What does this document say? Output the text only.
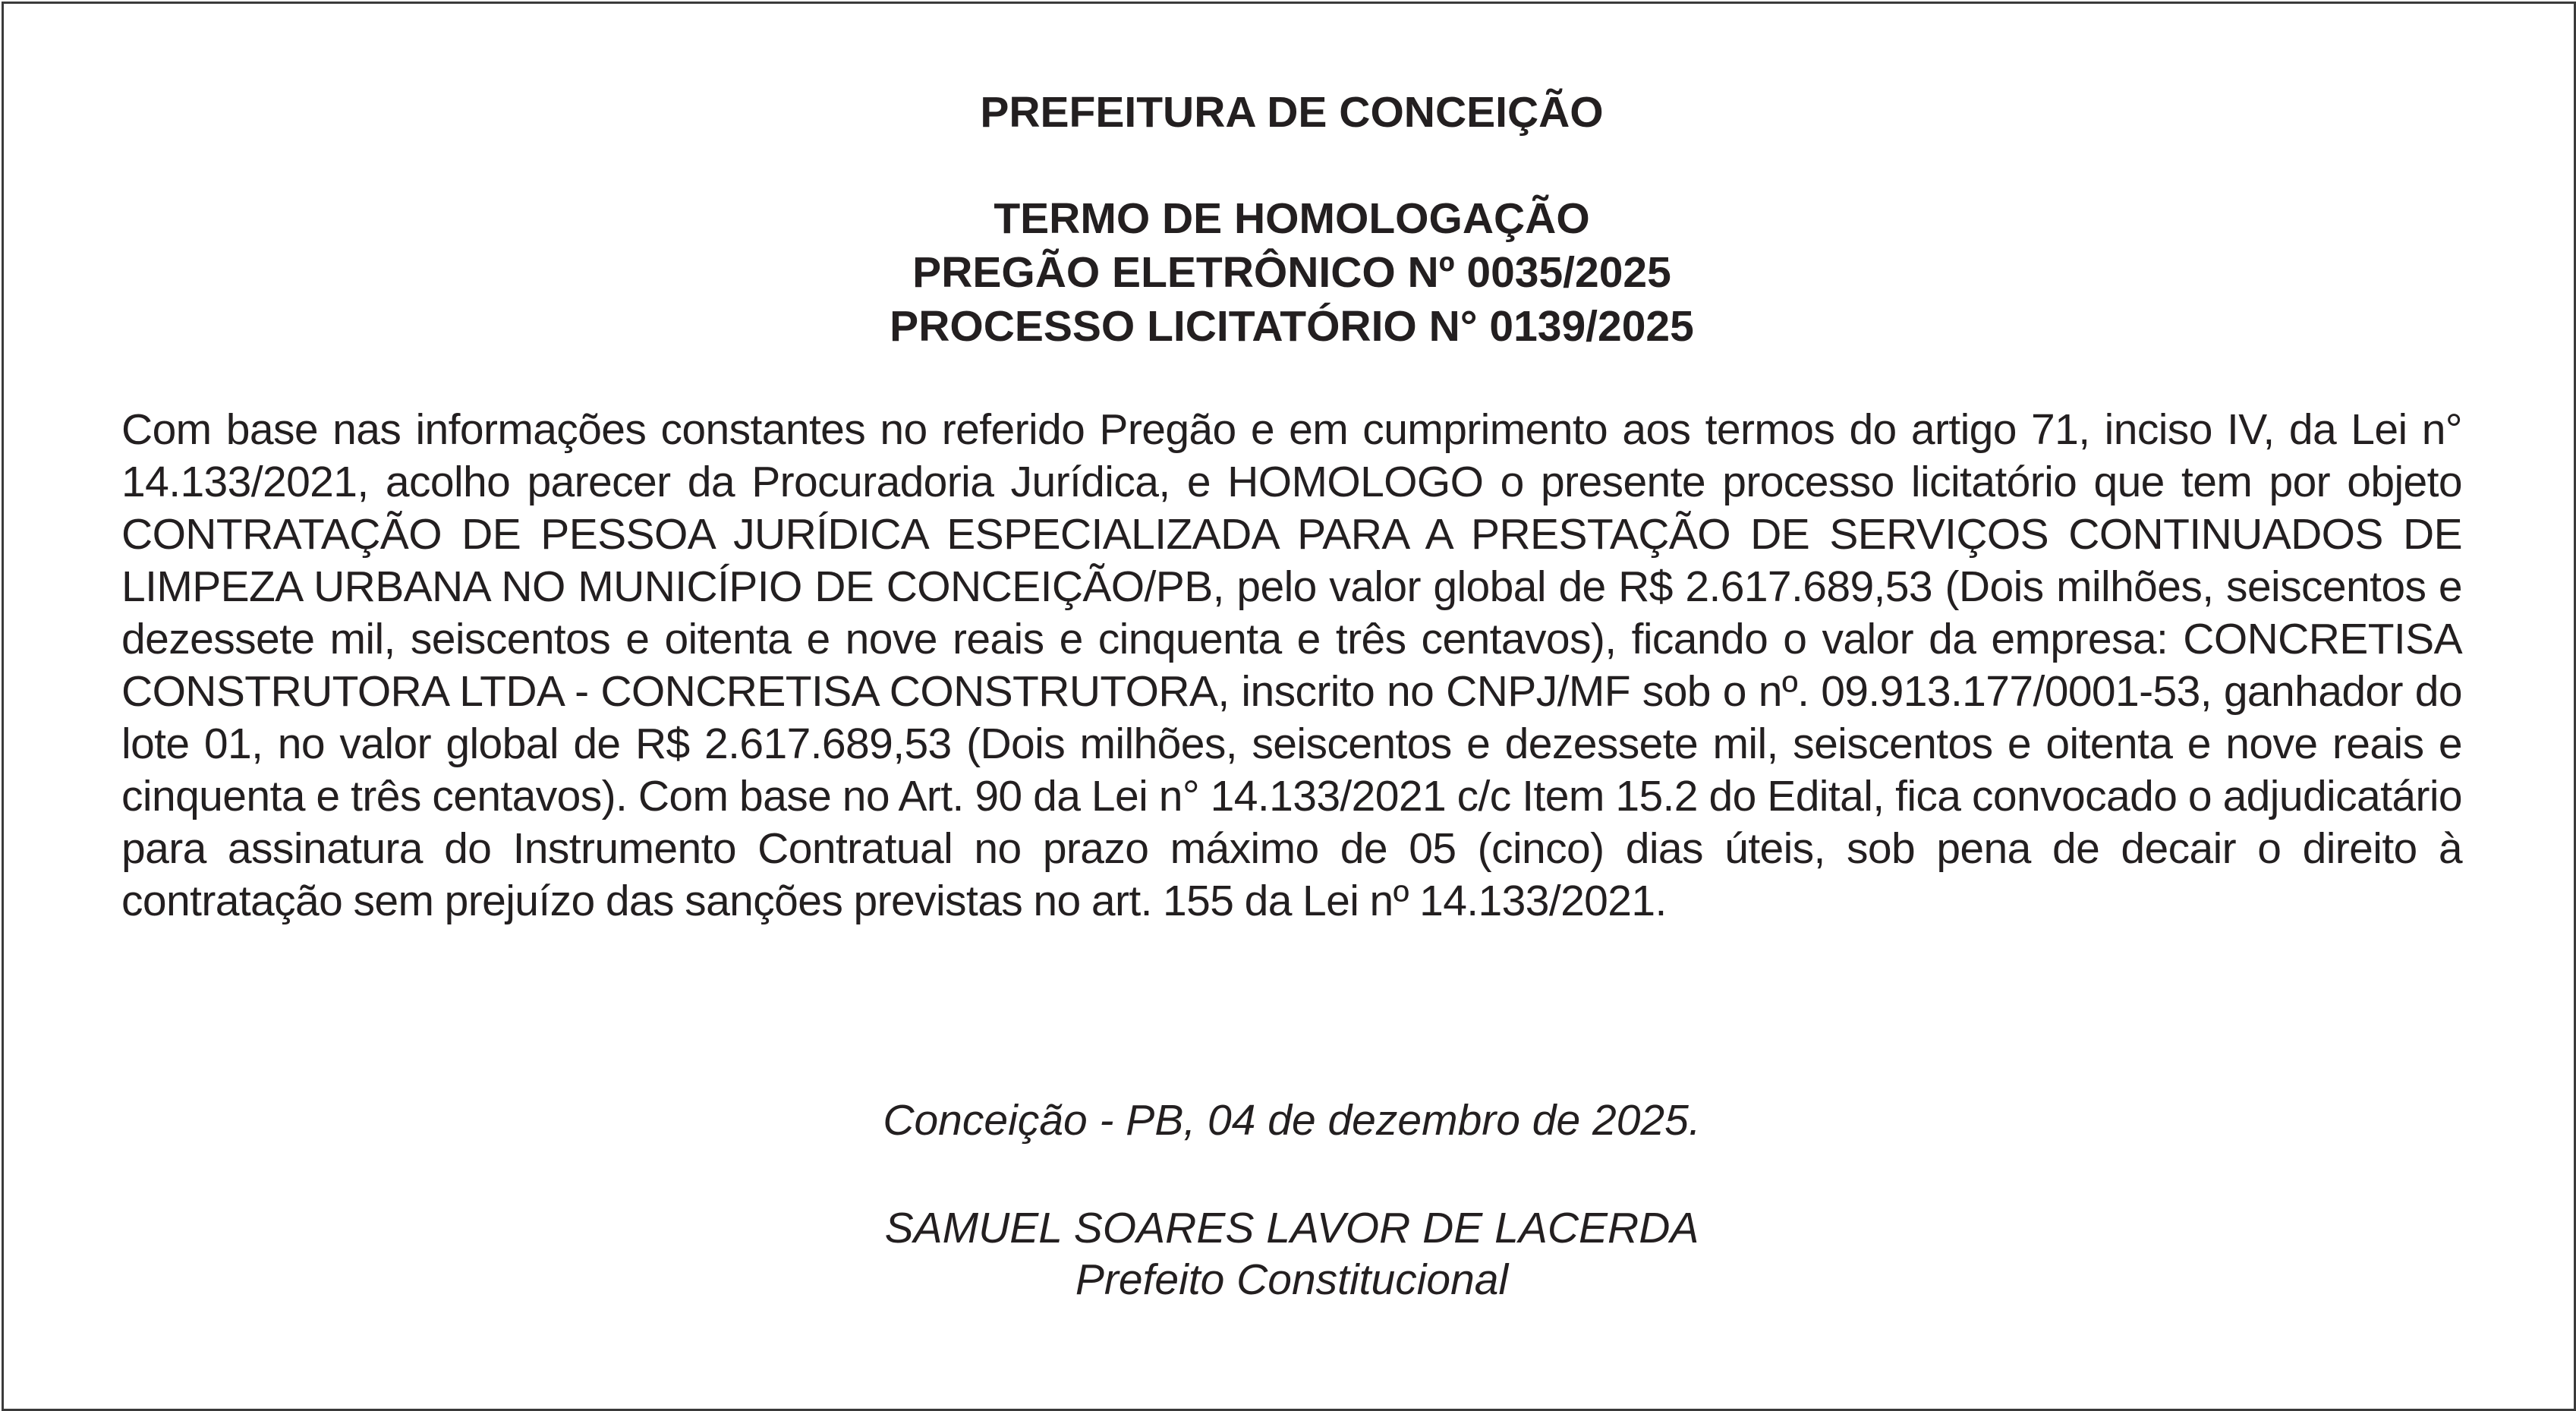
PREFEITURA DE CONCEIÇÃO
TERMO DE HOMOLOGAÇÃO
PREGÃO ELETRÔNICO Nº 0035/2025
PROCESSO LICITATÓRIO N° 0139/2025
Com base nas informações constantes no referido Pregão e em cumprimento aos termos do artigo 71, inciso IV, da Lei n° 14.133/2021, acolho parecer da Procuradoria Jurídica, e HOMOLOGO o presente processo licitatório que tem por objeto CONTRATAÇÃO DE PESSOA JURÍDICA ESPECIALIZADA PARA A PRESTAÇÃO DE SERVIÇOS CONTINUADOS DE LIMPEZA URBANA NO MUNICÍPIO DE CONCEIÇÃO/PB, pelo valor global de R$ 2.617.689,53 (Dois milhões, seiscentos e dezessete mil, seiscentos e oitenta e nove reais e cinquenta e três centavos), ficando o valor da empresa: CONCRETISA CONSTRUTORA LTDA - CONCRETISA CONSTRUTORA, inscrito no CNPJ/MF sob o nº. 09.913.177/0001-53, ganhador do lote 01, no valor global de R$ 2.617.689,53 (Dois milhões, seiscentos e dezessete mil, seiscentos e oitenta e nove reais e cinquenta e três centavos). Com base no Art. 90 da Lei n° 14.133/2021 c/c Item 15.2 do Edital, fica convocado o adjudicatário para assinatura do Instrumento Contratual no prazo máximo de 05 (cinco) dias úteis, sob pena de decair o direito à contratação sem prejuízo das sanções previstas no art. 155 da Lei nº 14.133/2021.
Conceição - PB, 04 de dezembro de 2025.
SAMUEL SOARES LAVOR DE LACERDA
Prefeito Constitucional
